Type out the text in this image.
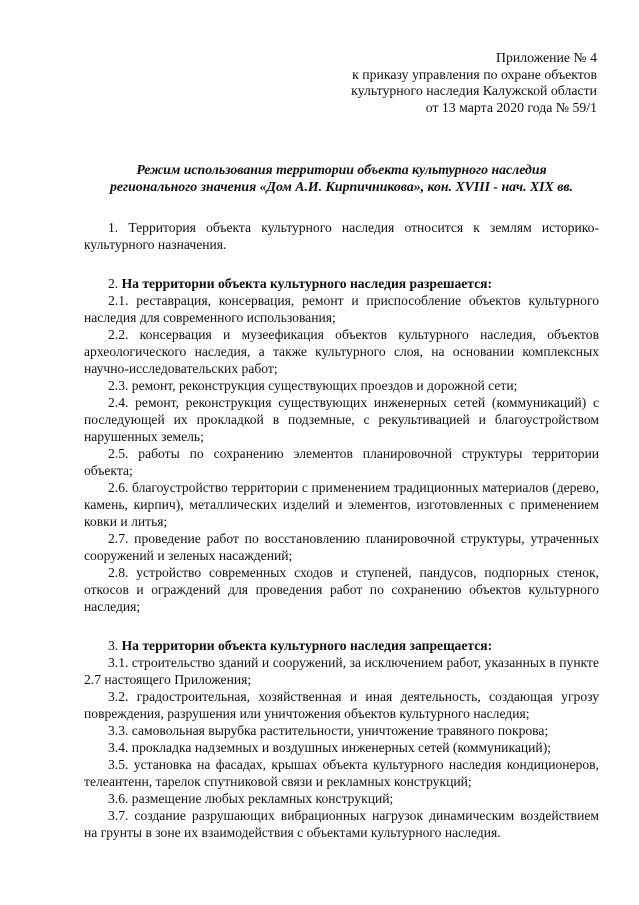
Приложение № 4
к приказу управления по охране объектов
культурного наследия Калужской области
от 13 марта 2020 года № 59/1
Режим использования территории объекта культурного наследия
регионального значения «Дом А.И. Кирпичникова», кон. XVIII - нач. XIX вв.

1. Территория объекта культурного наследия относится к землям историко-культурного назначения.

2. На территории объекта культурного наследия разрешается:

2.1. реставрация, консервация, ремонт и приспособление объектов культурного наследия для современного использования;

2.2. консервация и музеефикация объектов культурного наследия, объектов археологического наследия, а также культурного слоя, на основании комплексных научно-исследовательских работ;

2.3. ремонт, реконструкция существующих проездов и дорожной сети;

2.4. ремонт, реконструкция существующих инженерных сетей (коммуникаций) с последующей их прокладкой в подземные, с рекультивацией и благоустройством нарушенных земель;

2.5. работы по сохранению элементов планировочной структуры территории объекта;

2.6. благоустройство территории с применением традиционных материалов (дерево, камень, кирпич), металлических изделий и элементов, изготовленных с применением ковки и литья;

2.7. проведение работ по восстановлению планировочной структуры, утраченных сооружений и зеленых насаждений;

2.8. устройство современных сходов и ступеней, пандусов, подпорных стенок, откосов и ограждений для проведения работ по сохранению объектов культурного наследия;

3. На территории объекта культурного наследия запрещается:

3.1. строительство зданий и сооружений, за исключением работ, указанных в пункте 2.7 настоящего Приложения;

3.2. градостроительная, хозяйственная и иная деятельность, создающая угрозу повреждения, разрушения или уничтожения объектов культурного наследия;

3.3. самовольная вырубка растительности, уничтожение травяного покрова;

3.4. прокладка надземных и воздушных инженерных сетей (коммуникаций);

3.5. установка на фасадах, крышах объекта культурного наследия кондиционеров, телеантенн, тарелок спутниковой связи и рекламных конструкций;

3.6. размещение любых рекламных конструкций;

3.7. создание разрушающих вибрационных нагрузок динамическим воздействием на грунты в зоне их взаимодействия с объектами культурного наследия.
